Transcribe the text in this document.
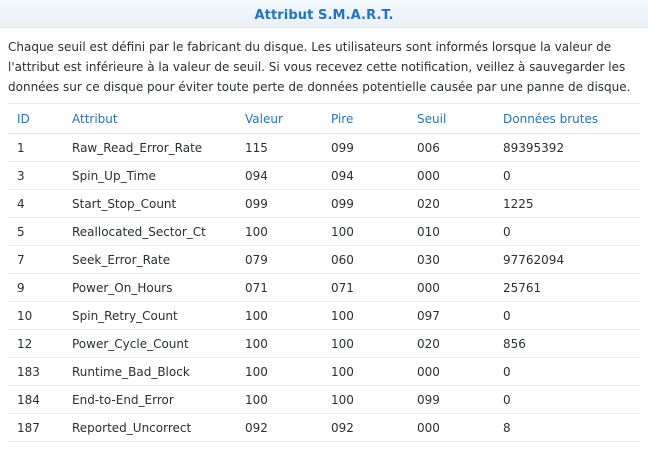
Attribut S.M.A.R.T.
Chaque seuil est défini par le fabricant du disque. Les utilisateurs sont informés lorsque la valeur de l'attribut est inférieure à la valeur de seuil. Si vous recevez cette notification, veillez à sauvegarder les données sur ce disque pour éviter toute perte de données potentielle causée par une panne de disque.
ID	Attribut	Valeur	Pire	Seuil	Données brutes
1	Raw_Read_Error_Rate	115	099	006	89395392
3	Spin_Up_Time	094	094	000	0
4	Start_Stop_Count	099	099	020	1225
5	Reallocated_Sector_Ct	100	100	010	0
7	Seek_Error_Rate	079	060	030	97762094
9	Power_On_Hours	071	071	000	25761
10	Spin_Retry_Count	100	100	097	0
12	Power_Cycle_Count	100	100	020	856
183	Runtime_Bad_Block	100	100	000	0
184	End-to-End_Error	100	100	099	0
187	Reported_Uncorrect	092	092	000	8
